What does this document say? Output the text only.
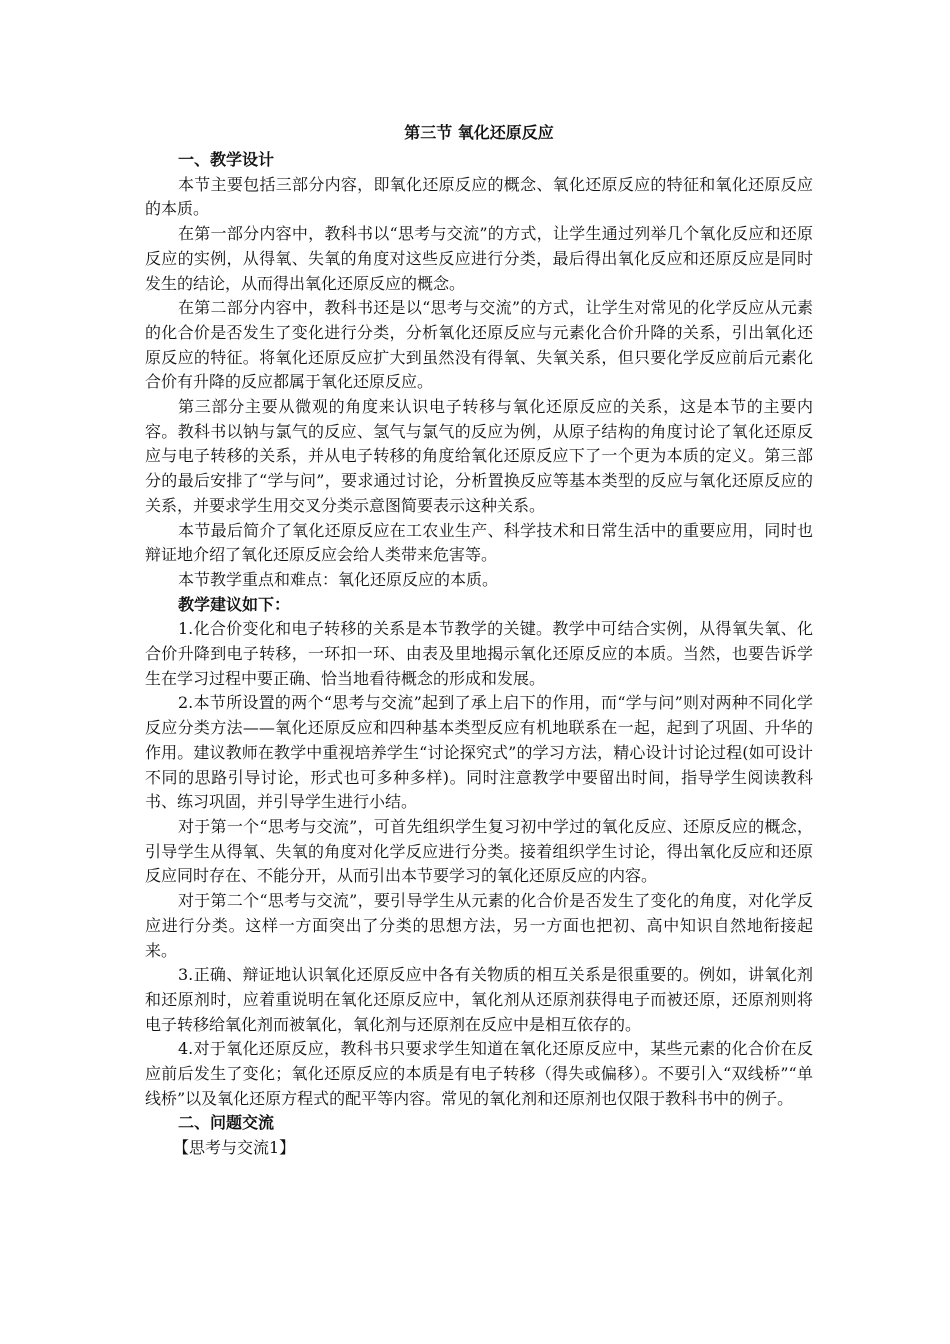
第三节 氧化还原反应

一、教学设计

本节主要包括三部分内容，即氧化还原反应的概念、氧化还原反应的特征和氧化还原反应的本质。

在第一部分内容中，教科书以“思考与交流”的方式，让学生通过列举几个氧化反应和还原反应的实例，从得氧、失氧的角度对这些反应进行分类，最后得出氧化反应和还原反应是同时发生的结论，从而得出氧化还原反应的概念。

在第二部分内容中，教科书还是以“思考与交流”的方式，让学生对常见的化学反应从元素的化合价是否发生了变化进行分类，分析氧化还原反应与元素化合价升降的关系，引出氧化还原反应的特征。将氧化还原反应扩大到虽然没有得氧、失氧关系，但只要化学反应前后元素化合价有升降的反应都属于氧化还原反应。

第三部分主要从微观的角度来认识电子转移与氧化还原反应的关系，这是本节的主要内容。教科书以钠与氯气的反应、氢气与氯气的反应为例，从原子结构的角度讨论了氧化还原反应与电子转移的关系，并从电子转移的角度给氧化还原反应下了一个更为本质的定义。第三部分的最后安排了“学与问”，要求通过讨论，分析置换反应等基本类型的反应与氧化还原反应的关系，并要求学生用交叉分类示意图简要表示这种关系。

本节最后简介了氧化还原反应在工农业生产、科学技术和日常生活中的重要应用，同时也辩证地介绍了氧化还原反应会给人类带来危害等。

本节教学重点和难点：氧化还原反应的本质。

教学建议如下：

1.化合价变化和电子转移的关系是本节教学的关键。教学中可结合实例，从得氧失氧、化合价升降到电子转移，一环扣一环、由表及里地揭示氧化还原反应的本质。当然，也要告诉学生在学习过程中要正确、恰当地看待概念的形成和发展。

2.本节所设置的两个“思考与交流”起到了承上启下的作用，而“学与问”则对两种不同化学反应分类方法——氧化还原反应和四种基本类型反应有机地联系在一起，起到了巩固、升华的作用。建议教师在教学中重视培养学生“讨论探究式”的学习方法，精心设计讨论过程(如可设计不同的思路引导讨论，形式也可多种多样)。同时注意教学中要留出时间，指导学生阅读教科书、练习巩固，并引导学生进行小结。

对于第一个“思考与交流”，可首先组织学生复习初中学过的氧化反应、还原反应的概念，引导学生从得氧、失氧的角度对化学反应进行分类。接着组织学生讨论，得出氧化反应和还原反应同时存在、不能分开，从而引出本节要学习的氧化还原反应的内容。

对于第二个“思考与交流”，要引导学生从元素的化合价是否发生了变化的角度，对化学反应进行分类。这样一方面突出了分类的思想方法，另一方面也把初、高中知识自然地衔接起来。

3.正确、辩证地认识氧化还原反应中各有关物质的相互关系是很重要的。例如，讲氧化剂和还原剂时，应着重说明在氧化还原反应中，氧化剂从还原剂获得电子而被还原，还原剂则将电子转移给氧化剂而被氧化，氧化剂与还原剂在反应中是相互依存的。

4.对于氧化还原反应，教科书只要求学生知道在氧化还原反应中，某些元素的化合价在反应前后发生了变化；氧化还原反应的本质是有电子转移（得失或偏移）。不要引入“双线桥”“单线桥”以及氧化还原方程式的配平等内容。常见的氧化剂和还原剂也仅限于教科书中的例子。

二、问题交流

【思考与交流1】
